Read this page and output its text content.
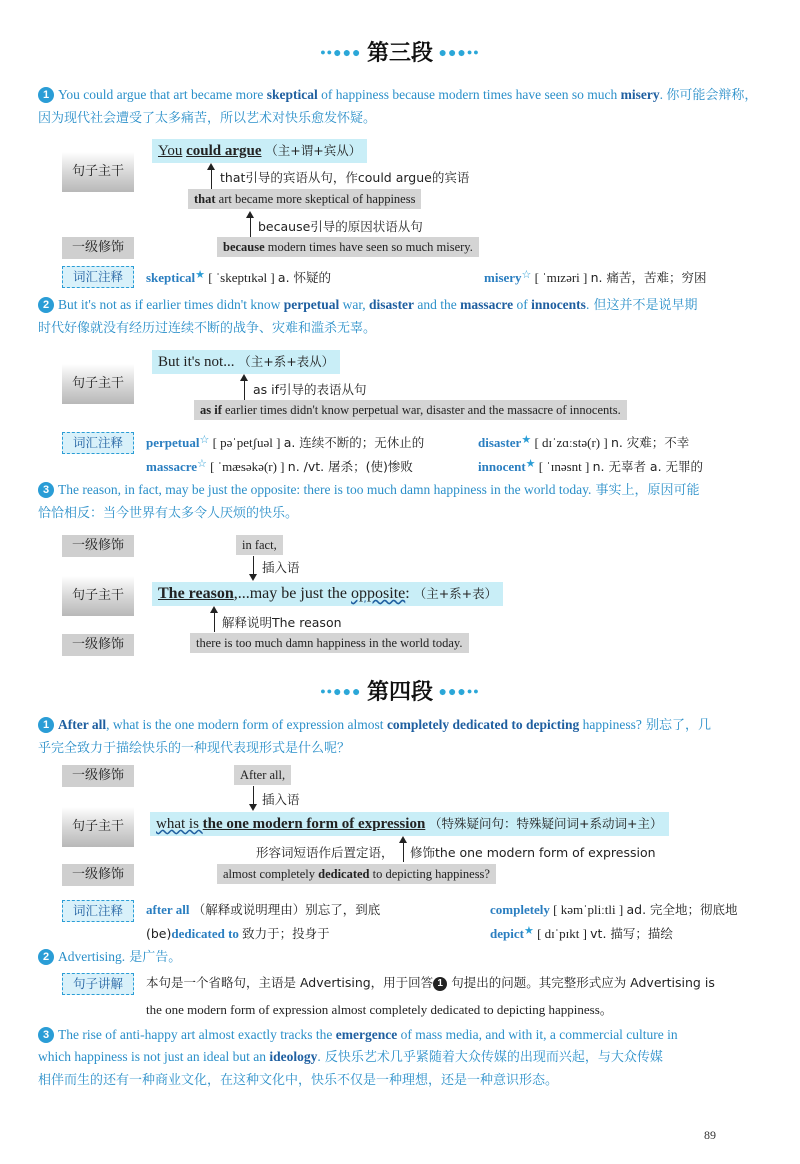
●●●●● 第三段 ●●●●●
1 You could argue that art became more skeptical of happiness because modern times have seen so much misery. 你可能会辩称，因为现代社会遭受了太多痛苦，所以艺术对快乐愈发怀疑。
句子主干
You could argue （主+谓+宾从）
that引导的宾语从句，作could argue的宾语
that art became more skeptical of happiness
because引导的原因状语从句
一级修饰	because modern times have seen so much misery.
词汇注释	skeptical★ [ ˈskeptɪkəl ] a. 怀疑的	misery☆ [ ˈmɪzəri ] n. 痛苦，苦难；穷困
2 But it's not as if earlier times didn't know perpetual war, disaster and the massacre of innocents. 但这并不是说早期
时代好像就没有经历过连续不断的战争、灾难和滥杀无辜。
句子主干
But it's not... （主+系+表从）
as if引导的表语从句
as if earlier times didn't know perpetual war, disaster and the massacre of innocents.
词汇注释	perpetual☆ [ pəˈpetʃuəl ] a. 连续不断的；无休止的	disaster★ [ dɪˈzɑːstə(r) ] n. 灾难；不幸
massacre☆ [ ˈmæsəkə(r) ] n. /vt. 屠杀；(使)惨败	innocent★ [ ˈɪnəsnt ] n. 无辜者 a. 无罪的
3 The reason, in fact, may be just the opposite: there is too much damn happiness in the world today. 事实上，原因可能
恰恰相反：当今世界有太多令人厌烦的快乐。
一级修饰	in fact,
插入语
句子主干	The reason,...may be just the opposite: （主+系+表）
解释说明The reason
一级修饰	there is too much damn happiness in the world today.
●●●●● 第四段 ●●●●●
1 After all, what is the one modern form of expression almost completely dedicated to depicting happiness? 别忘了，几
乎完全致力于描绘快乐的一种现代表现形式是什么呢？
一级修饰	After all,
插入语
句子主干	what is the one modern form of expression （特殊疑问句：特殊疑问词+系动词+主）
形容词短语作后置定语， 修饰the one modern form of expression
一级修饰	almost completely dedicated to depicting happiness?
词汇注释	after all （解释或说明理由）别忘了，到底	completely [ kəmˈpliːtli ] ad. 完全地；彻底地
(be)dedicated to 致力于；投身于	depict★ [ dɪˈpɪkt ] vt. 描写；描绘
2 Advertising. 是广告。
句子讲解	本句是一个省略句，主语是 Advertising，用于回答 1 句提出的问题。其完整形式应为 Advertising is
the one modern form of expression almost completely dedicated to depicting happiness。
3 The rise of anti-happy art almost exactly tracks the emergence of mass media, and with it, a commercial culture in
which happiness is not just an ideal but an ideology. 反快乐艺术几乎紧随着大众传媒的出现而兴起，与大众传媒
相伴而生的还有一种商业文化，在这种文化中，快乐不仅是一种理想，还是一种意识形态。
89
